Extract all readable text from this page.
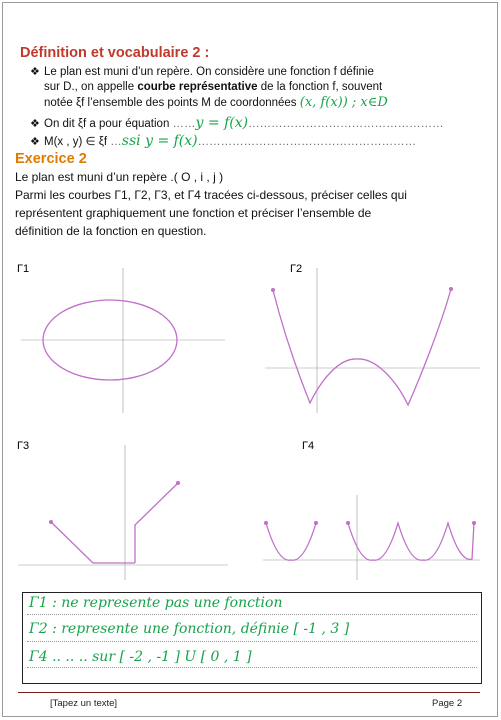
Définition et vocabulaire 2 :
❖ Le plan est muni d’un repère. On considère une fonction f définie
sur D., on appelle courbe représentative de la fonction f, souvent
notée ξf l’ensemble des points M de coordonnées (x, f(x)) ; x∈D
❖ On dit ξf a pour équation ……y = f(x)……………………………………………
❖ M(x , y) ∈ ξf …ssi y = f(x)…………………………………………………
Exercice 2
Le plan est muni d’un repère .( O , i , j )
Parmi les courbes Γ1, Γ2, Γ3, et Γ4 tracées ci-dessous, préciser celles qui
représentent graphiquement une fonction et préciser l’ensemble de
définition de la fonction en question.
Γ1	Γ2
Γ3	Γ4
Γ1 : ne represente pas une fonction
Γ2 : represente une fonction, définie [ -1 , 3 ]
Γ4 .. .. .. sur [ -2 , -1 ] U [ 0 , 1 ]
[Tapez un texte]	Page 2
